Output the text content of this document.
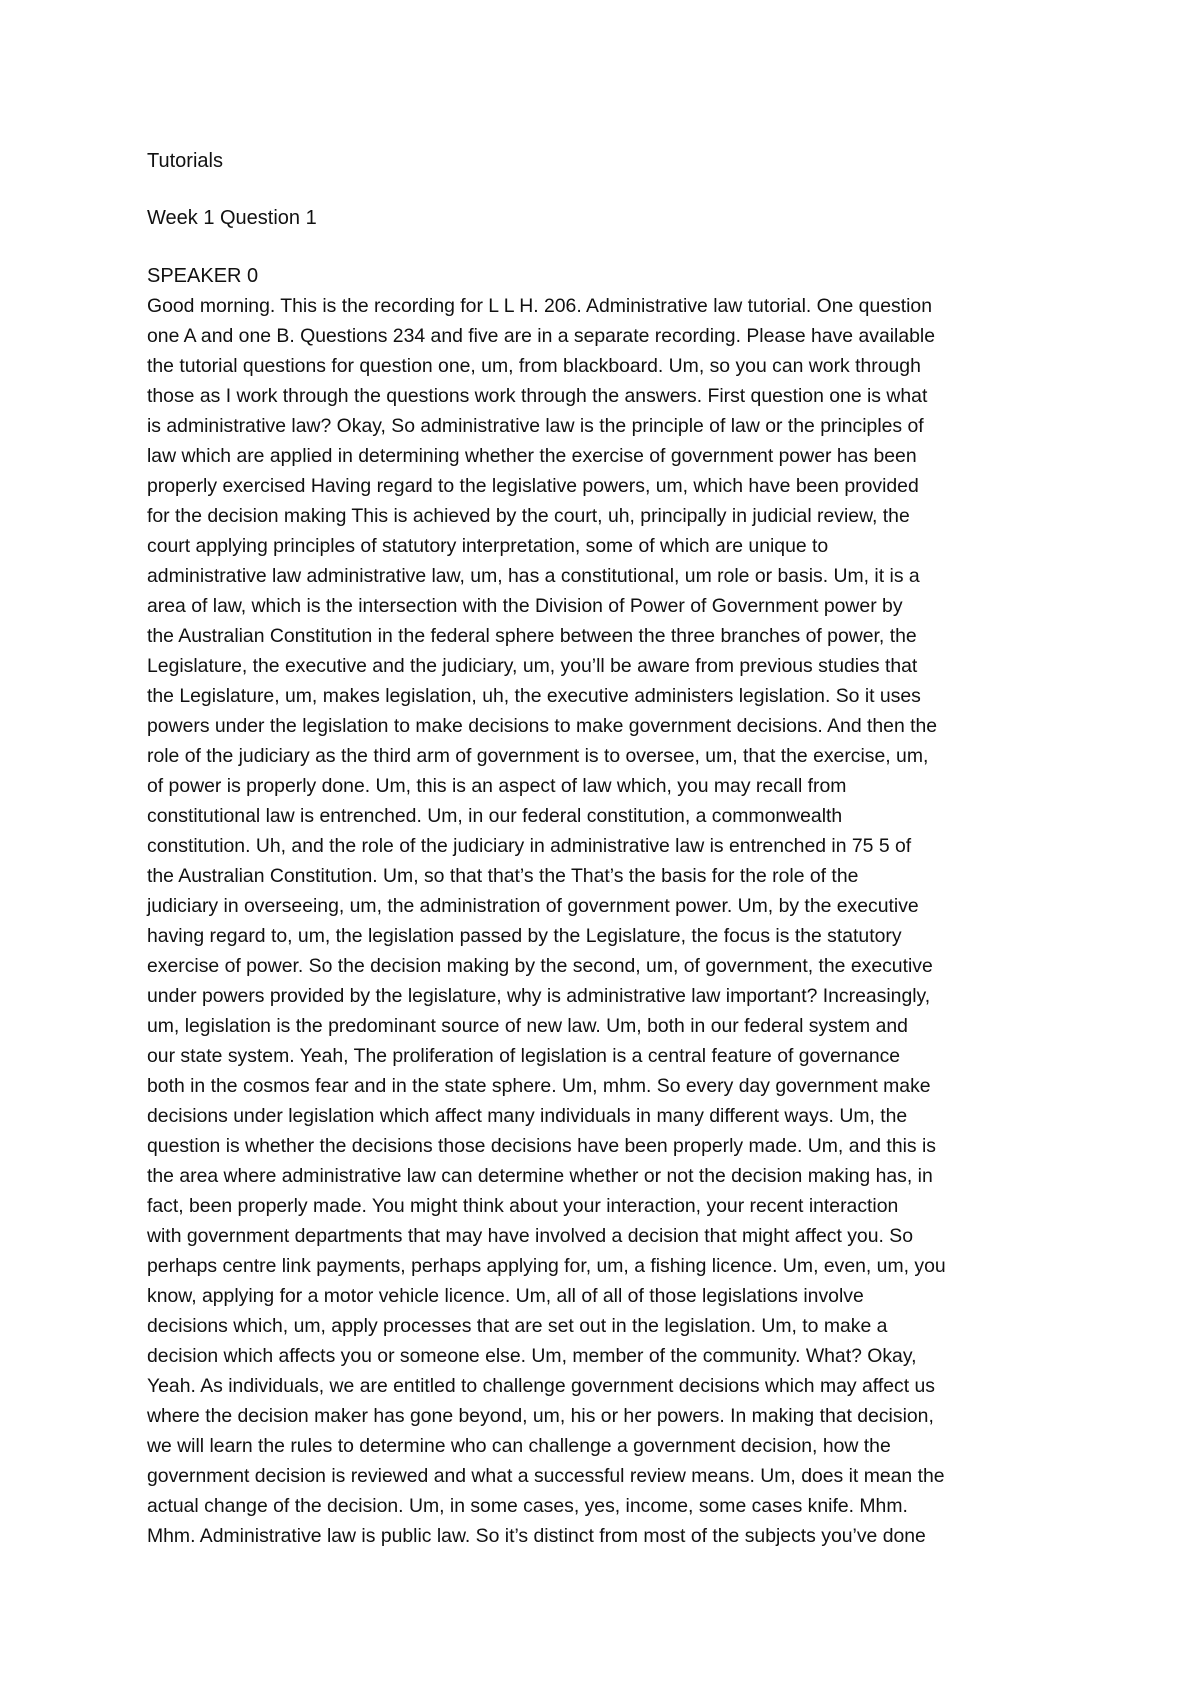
Tutorials

Week 1 Question 1

SPEAKER 0

Good morning. This is the recording for L L H. 206. Administrative law tutorial. One question
one A and one B. Questions 234 and five are in a separate recording. Please have available
the tutorial questions for question one, um, from blackboard. Um, so you can work through
those as I work through the questions work through the answers. First question one is what
is administrative law? Okay, So administrative law is the principle of law or the principles of
law which are applied in determining whether the exercise of government power has been
properly exercised Having regard to the legislative powers, um, which have been provided
for the decision making This is achieved by the court, uh, principally in judicial review, the
court applying principles of statutory interpretation, some of which are unique to
administrative law administrative law, um, has a constitutional, um role or basis. Um, it is a
area of law, which is the intersection with the Division of Power of Government power by
the Australian Constitution in the federal sphere between the three branches of power, the
Legislature, the executive and the judiciary, um, you’ll be aware from previous studies that
the Legislature, um, makes legislation, uh, the executive administers legislation. So it uses
powers under the legislation to make decisions to make government decisions. And then the
role of the judiciary as the third arm of government is to oversee, um, that the exercise, um,
of power is properly done. Um, this is an aspect of law which, you may recall from
constitutional law is entrenched. Um, in our federal constitution, a commonwealth
constitution. Uh, and the role of the judiciary in administrative law is entrenched in 75 5 of
the Australian Constitution. Um, so that that’s the That’s the basis for the role of the
judiciary in overseeing, um, the administration of government power. Um, by the executive
having regard to, um, the legislation passed by the Legislature, the focus is the statutory
exercise of power. So the decision making by the second, um, of government, the executive
under powers provided by the legislature, why is administrative law important? Increasingly,
um, legislation is the predominant source of new law. Um, both in our federal system and
our state system. Yeah, The proliferation of legislation is a central feature of governance
both in the cosmos fear and in the state sphere. Um, mhm. So every day government make
decisions under legislation which affect many individuals in many different ways. Um, the
question is whether the decisions those decisions have been properly made. Um, and this is
the area where administrative law can determine whether or not the decision making has, in
fact, been properly made. You might think about your interaction, your recent interaction
with government departments that may have involved a decision that might affect you. So
perhaps centre link payments, perhaps applying for, um, a fishing licence. Um, even, um, you
know, applying for a motor vehicle licence. Um, all of all of those legislations involve
decisions which, um, apply processes that are set out in the legislation. Um, to make a
decision which affects you or someone else. Um, member of the community. What? Okay,
Yeah. As individuals, we are entitled to challenge government decisions which may affect us
where the decision maker has gone beyond, um, his or her powers. In making that decision,
we will learn the rules to determine who can challenge a government decision, how the
government decision is reviewed and what a successful review means. Um, does it mean the
actual change of the decision. Um, in some cases, yes, income, some cases knife. Mhm.
Mhm. Administrative law is public law. So it’s distinct from most of the subjects you’ve done
